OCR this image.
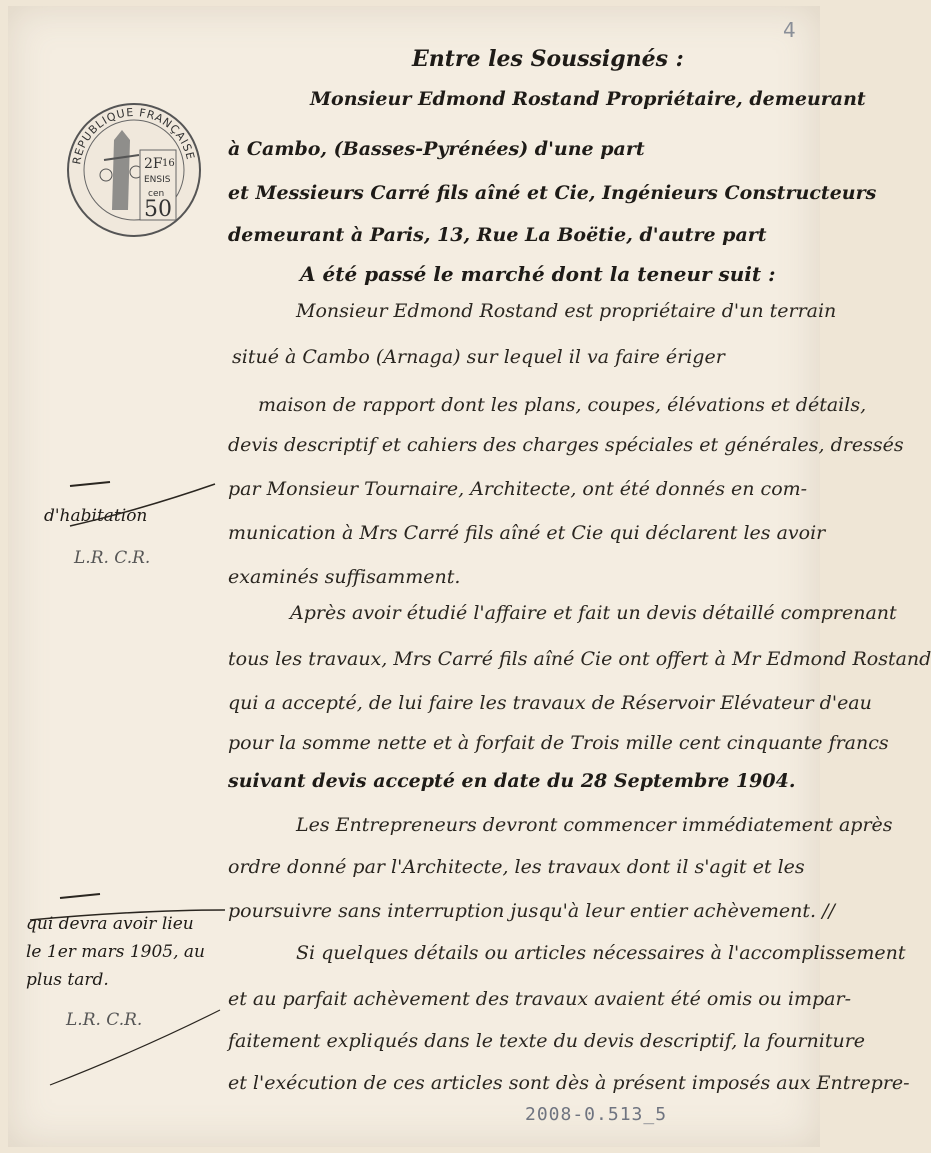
4
2F 16
ENSIS
cen
50
REPUBLIQUE FRANÇAISE
Entre les Soussignés :
Monsieur Edmond Rostand Propriétaire, demeurant
à Cambo, (Basses-Pyrénées) d'une part
et Messieurs Carré fils aîné et Cie, Ingénieurs Constructeurs
demeurant à Paris, 13, Rue La Boëtie, d'autre part
A été passé le marché dont la teneur suit :
Monsieur Edmond Rostand est propriétaire d'un terrain
situé à Cambo (Arnaga) sur lequel il va faire ériger
maison de rapport dont les plans, coupes, élévations et détails,
devis descriptif et cahiers des charges spéciales et générales, dressés
par Monsieur Tournaire, Architecte, ont été donnés en com-
munication à Mrs Carré fils aîné et Cie qui déclarent les avoir
examinés suffisamment.
Après avoir étudié l'affaire et fait un devis détaillé comprenant
tous les travaux, Mrs Carré fils aîné Cie ont offert à Mr Edmond Rostand
qui a accepté, de lui faire les travaux de Réservoir Elévateur d'eau
pour la somme nette et à forfait de Trois mille cent cinquante francs
suivant devis accepté en date du 28 Septembre 1904.
Les Entrepreneurs devront commencer immédiatement après
ordre donné par l'Architecte, les travaux dont il s'agit et les
poursuivre sans interruption jusqu'à leur entier achèvement. //
Si quelques détails ou articles nécessaires à l'accomplissement
et au parfait achèvement des travaux avaient été omis ou impar-
faitement expliqués dans le texte du devis descriptif, la fourniture
et l'exécution de ces articles sont dès à présent imposés aux Entrepre-
d'habitation
L.R. C.R.
qui devra avoir lieu le 1er mars 1905, au plus tard.
L.R. C.R.
2008-0.513_5
